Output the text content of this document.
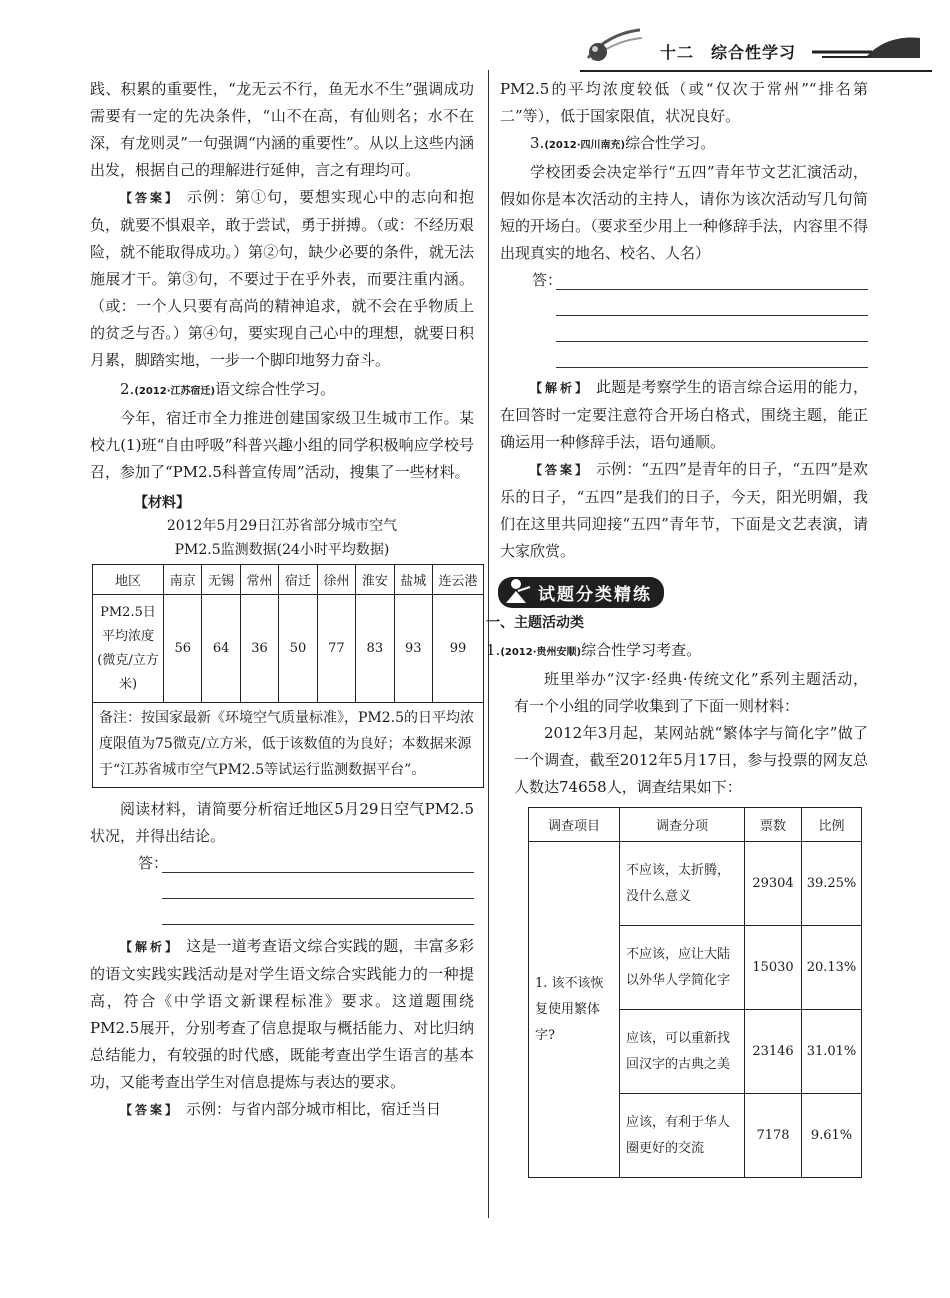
十二　综合性学习

践、积累的重要性，“龙无云不行，鱼无水不生”强调成功需要有一定的先决条件，“山不在高，有仙则名；水不在深，有龙则灵”一句强调“内涵的重要性”。从以上这些内涵出发，根据自己的理解进行延伸，言之有理均可。

【答案】 示例：第①句，要想实现心中的志向和抱负，就要不惧艰辛，敢于尝试，勇于拼搏。（或：不经历艰险，就不能取得成功。）第②句，缺少必要的条件，就无法施展才干。第③句，不要过于在乎外表，而要注重内涵。（或：一个人只要有高尚的精神追求，就不会在乎物质上的贫乏与否。）第④句，要实现自己心中的理想，就要日积月累，脚踏实地，一步一个脚印地努力奋斗。

2.(2012·江苏宿迁)语文综合性学习。

今年，宿迁市全力推进创建国家级卫生城市工作。某校九(1)班“自由呼吸”科普兴趣小组的同学积极响应学校号召，参加了“PM2.5科普宣传周”活动，搜集了一些材料。

【材料】
2012年5月29日江苏省部分城市空气
PM2.5监测数据(24小时平均数据)
地区	南京	无锡	常州	宿迁	徐州	淮安	盐城	连云港
PM2.5日平均浓度(微克/立方米)	56	64	36	50	77	83	93	99
备注：按国家最新《环境空气质量标准》，PM2.5的日平均浓度限值为75微克/立方米，低于该数值的为良好；本数据来源于“江苏省城市空气PM2.5等试运行监测数据平台”。								

阅读材料，请简要分析宿迁地区5月29日空气PM2.5状况，并得出结论。

答：

【解析】 这是一道考查语文综合实践的题，丰富多彩的语文实践实践活动是对学生语文综合实践能力的一种提高，符合《中学语文新课程标准》要求。这道题围绕PM2.5展开，分别考查了信息提取与概括能力、对比归纳总结能力，有较强的时代感，既能考查出学生语言的基本功，又能考查出学生对信息提炼与表达的要求。

【答案】 示例：与省内部分城市相比，宿迁当日

PM2.5的平均浓度较低（或“仅次于常州”“排名第二”等），低于国家限值，状况良好。

3.(2012·四川南充)综合性学习。

学校团委会决定举行“五四”青年节文艺汇演活动，假如你是本次活动的主持人，请你为该次活动写几句简短的开场白。（要求至少用上一种修辞手法，内容里不得出现真实的地名、校名、人名）

答：

【解析】 此题是考察学生的语言综合运用的能力，在回答时一定要注意符合开场白格式，围绕主题，能正确运用一种修辞手法，语句通顺。

【答案】 示例：“五四”是青年的日子，“五四”是欢乐的日子，“五四”是我们的日子，今天，阳光明媚，我们在这里共同迎接“五四”青年节，下面是文艺表演，请大家欣赏。

试题分类精练

一、主题活动类

1.(2012·贵州安顺)综合性学习考查。

班里举办“汉字·经典·传统文化”系列主题活动，有一个小组的同学收集到了下面一则材料：

2012年3月起，某网站就“繁体字与简化字”做了一个调查，截至2012年5月17日，参与投票的网友总人数达74658人，调查结果如下：

调查项目	调查分项	票数	比例
1. 该不该恢复使用繁体字?	不应该，太折腾，没什么意义	29304	39.25%
	不应该，应让大陆以外华人学简化字	15030	20.13%
	应该，可以重新找回汉字的古典之美	23146	31.01%
	应该，有利于华人圈更好的交流	7178	9.61%
